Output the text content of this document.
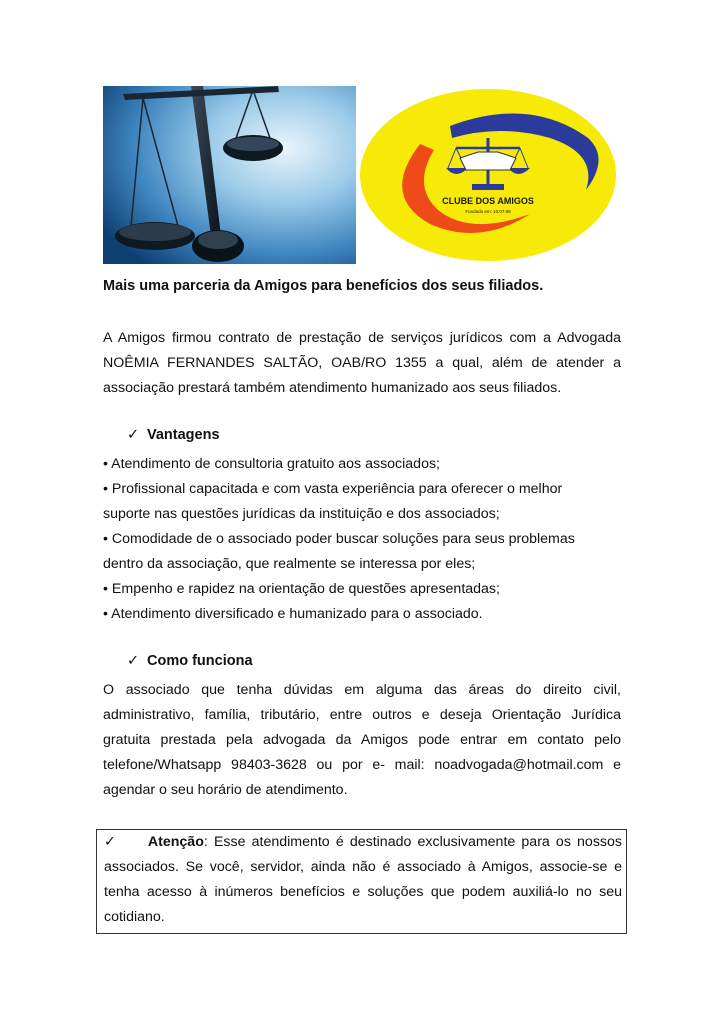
CLUBE DOS AMIGOS
Fundado em: 10.07.98
Mais uma parceria da Amigos para benefícios dos seus filiados.
A Amigos firmou contrato de prestação de serviços jurídicos com a Advogada
NOÊMIA FERNANDES SALTÃO, OAB/RO 1355 a qual, além de atender a
associação prestará também atendimento humanizado aos seus filiados.
✓ Vantagens
• Atendimento de consultoria gratuito aos associados;
• Profissional capacitada e com vasta experiência para oferecer o melhor
suporte nas questões jurídicas da instituição e dos associados;
• Comodidade de o associado poder buscar soluções para seus problemas
dentro da associação, que realmente se interessa por eles;
• Empenho e rapidez na orientação de questões apresentadas;
• Atendimento diversificado e humanizado para o associado.
✓ Como funciona
O associado que tenha dúvidas em alguma das áreas do direito civil,
administrativo, família, tributário, entre outros e deseja Orientação Jurídica
gratuita prestada pela advogada da Amigos pode entrar em contato pelo
telefone/Whatsapp 98403-3628 ou por e- mail: noadvogada@hotmail.com e
agendar o seu horário de atendimento.
✓	Atenção: Esse atendimento é destinado exclusivamente para os nossos
associados. Se você, servidor, ainda não é associado à Amigos, associe-se e
tenha acesso à inúmeros benefícios e soluções que podem auxiliá-lo no seu
cotidiano.
